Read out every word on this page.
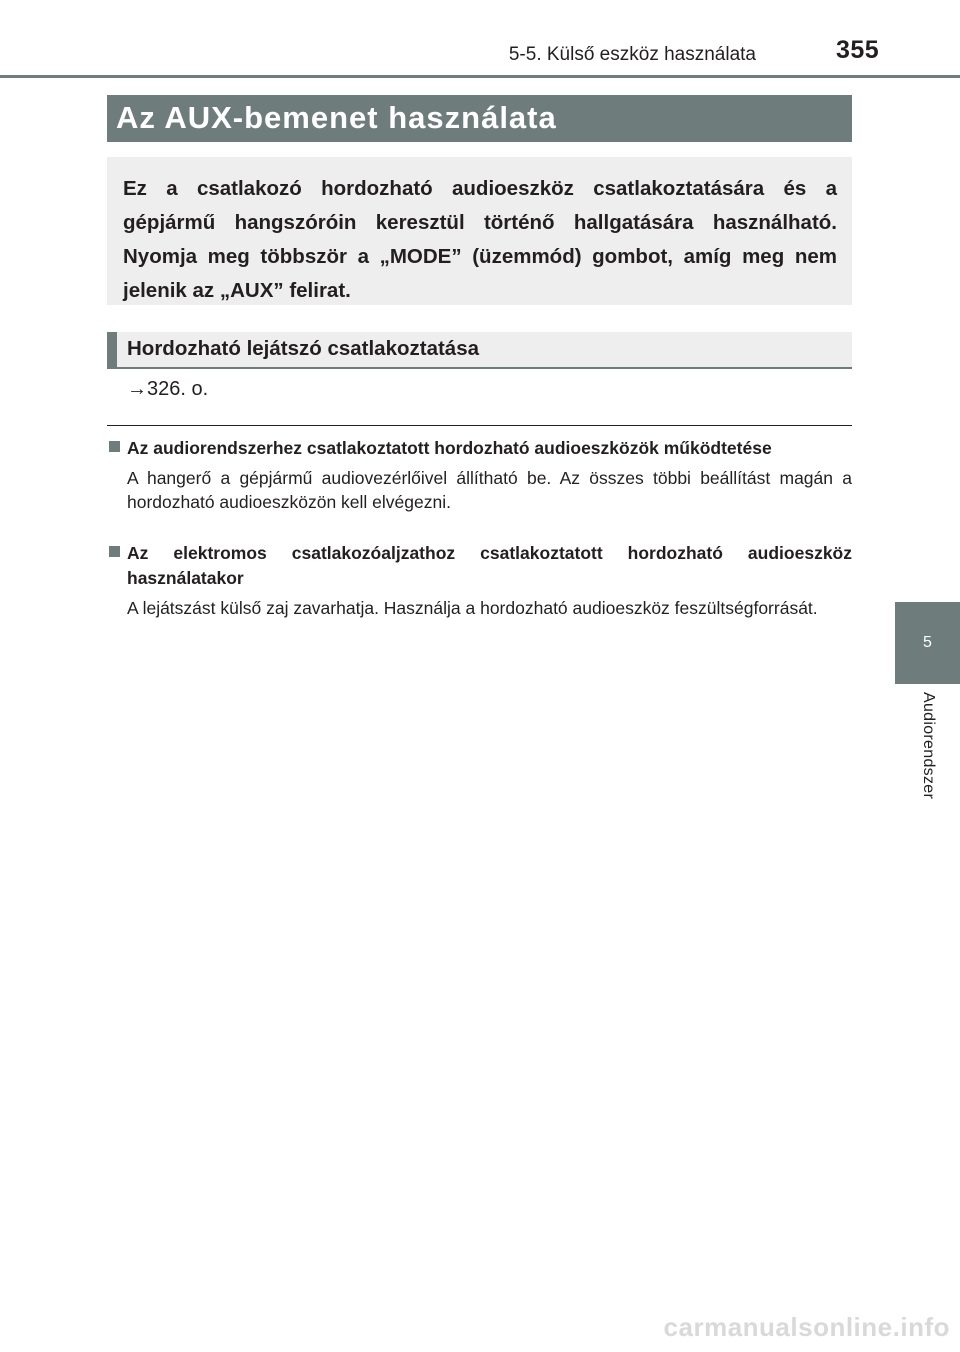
5-5. Külső eszköz használata	355
5
Audiorendszer
Az AUX-bemenet használata
Ez a csatlakozó hordozható audioeszköz csatlakoztatására és a gépjármű hangszóróin keresztül történő hallgatására használható. Nyomja meg többször a „MODE” (üzemmód) gombot, amíg meg nem jelenik az „AUX” felirat.
Hordozható lejátszó csatlakoztatása
→326. o.
Az audiorendszerhez csatlakoztatott hordozható audioeszközök működtetése
A hangerő a gépjármű audiovezérlőivel állítható be. Az összes többi beállítást magán a hordozható audioeszközön kell elvégezni.
Az elektromos csatlakozóaljzathoz csatlakoztatott hordozható audioeszköz használatakor
A lejátszást külső zaj zavarhatja. Használja a hordozható audioeszköz feszültségforrását.
carmanualsonline.info
